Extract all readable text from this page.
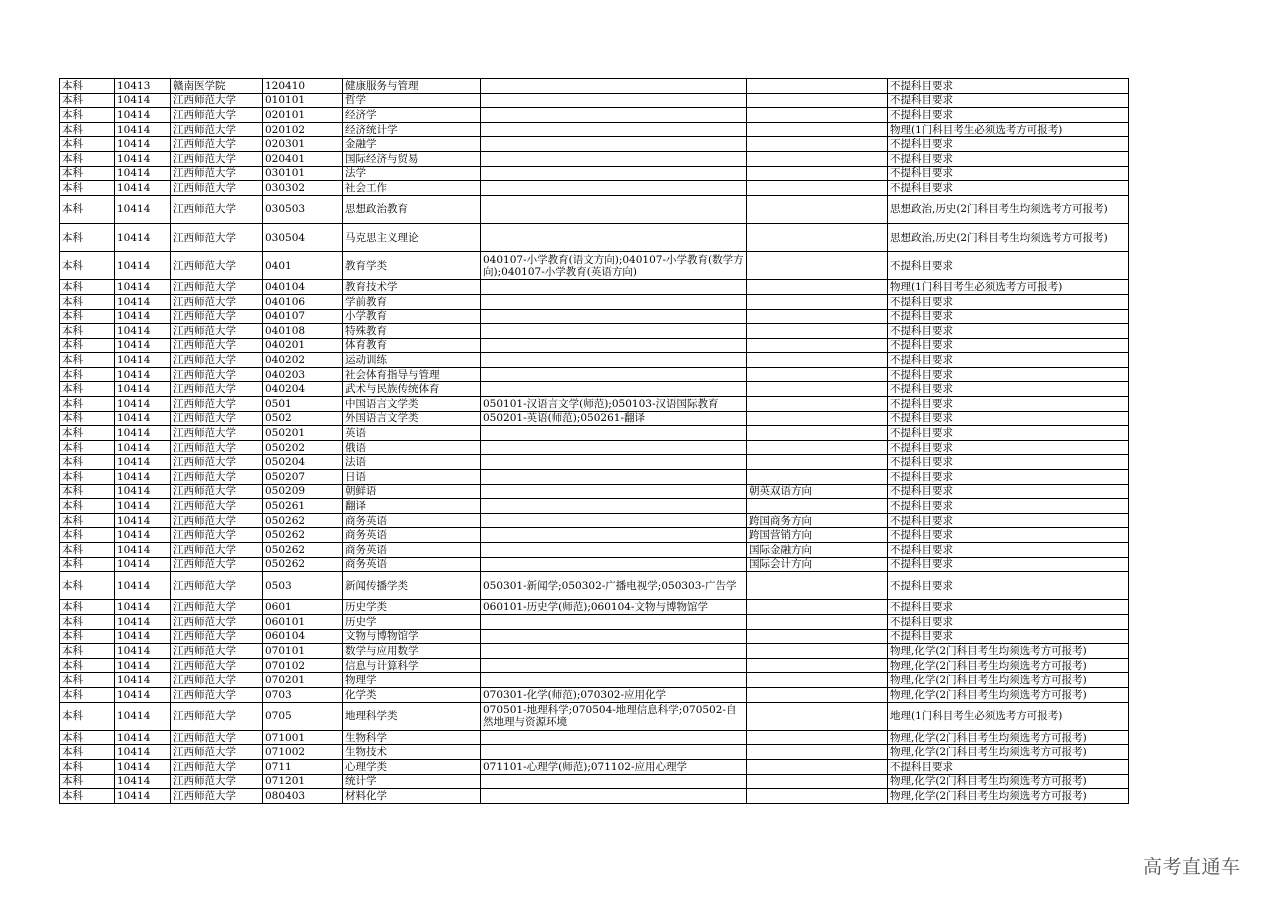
本科	10413	赣南医学院	120410	健康服务与管理			不提科目要求
本科	10414	江西师范大学	010101	哲学			不提科目要求
本科	10414	江西师范大学	020101	经济学			不提科目要求
本科	10414	江西师范大学	020102	经济统计学			物理(1门科目考生必须选考方可报考)
本科	10414	江西师范大学	020301	金融学			不提科目要求
本科	10414	江西师范大学	020401	国际经济与贸易			不提科目要求
本科	10414	江西师范大学	030101	法学			不提科目要求
本科	10414	江西师范大学	030302	社会工作			不提科目要求
本科	10414	江西师范大学	030503	思想政治教育			思想政治,历史(2门科目考生均须选考方可报考)
本科	10414	江西师范大学	030504	马克思主义理论			思想政治,历史(2门科目考生均须选考方可报考)
本科	10414	江西师范大学	0401	教育学类	040107-小学教育(语文方向);040107-小学教育(数学方向);040107-小学教育(英语方向)		不提科目要求
本科	10414	江西师范大学	040104	教育技术学			物理(1门科目考生必须选考方可报考)
本科	10414	江西师范大学	040106	学前教育			不提科目要求
本科	10414	江西师范大学	040107	小学教育			不提科目要求
本科	10414	江西师范大学	040108	特殊教育			不提科目要求
本科	10414	江西师范大学	040201	体育教育			不提科目要求
本科	10414	江西师范大学	040202	运动训练			不提科目要求
本科	10414	江西师范大学	040203	社会体育指导与管理			不提科目要求
本科	10414	江西师范大学	040204	武术与民族传统体育			不提科目要求
本科	10414	江西师范大学	0501	中国语言文学类	050101-汉语言文学(师范);050103-汉语国际教育		不提科目要求
本科	10414	江西师范大学	0502	外国语言文学类	050201-英语(师范);050261-翻译		不提科目要求
本科	10414	江西师范大学	050201	英语			不提科目要求
本科	10414	江西师范大学	050202	俄语			不提科目要求
本科	10414	江西师范大学	050204	法语			不提科目要求
本科	10414	江西师范大学	050207	日语			不提科目要求
本科	10414	江西师范大学	050209	朝鲜语		朝英双语方向	不提科目要求
本科	10414	江西师范大学	050261	翻译			不提科目要求
本科	10414	江西师范大学	050262	商务英语		跨国商务方向	不提科目要求
本科	10414	江西师范大学	050262	商务英语		跨国营销方向	不提科目要求
本科	10414	江西师范大学	050262	商务英语		国际金融方向	不提科目要求
本科	10414	江西师范大学	050262	商务英语		国际会计方向	不提科目要求
本科	10414	江西师范大学	0503	新闻传播学类	050301-新闻学;050302-广播电视学;050303-广告学		不提科目要求
本科	10414	江西师范大学	0601	历史学类	060101-历史学(师范);060104-文物与博物馆学		不提科目要求
本科	10414	江西师范大学	060101	历史学			不提科目要求
本科	10414	江西师范大学	060104	文物与博物馆学			不提科目要求
本科	10414	江西师范大学	070101	数学与应用数学			物理,化学(2门科目考生均须选考方可报考)
本科	10414	江西师范大学	070102	信息与计算科学			物理,化学(2门科目考生均须选考方可报考)
本科	10414	江西师范大学	070201	物理学			物理,化学(2门科目考生均须选考方可报考)
本科	10414	江西师范大学	0703	化学类	070301-化学(师范);070302-应用化学		物理,化学(2门科目考生均须选考方可报考)
本科	10414	江西师范大学	0705	地理科学类	070501-地理科学;070504-地理信息科学;070502-自然地理与资源环境		地理(1门科目考生必须选考方可报考)
本科	10414	江西师范大学	071001	生物科学			物理,化学(2门科目考生均须选考方可报考)
本科	10414	江西师范大学	071002	生物技术			物理,化学(2门科目考生均须选考方可报考)
本科	10414	江西师范大学	0711	心理学类	071101-心理学(师范);071102-应用心理学		不提科目要求
本科	10414	江西师范大学	071201	统计学			物理,化学(2门科目考生均须选考方可报考)
本科	10414	江西师范大学	080403	材料化学			物理,化学(2门科目考生均须选考方可报考)
高考直通车
